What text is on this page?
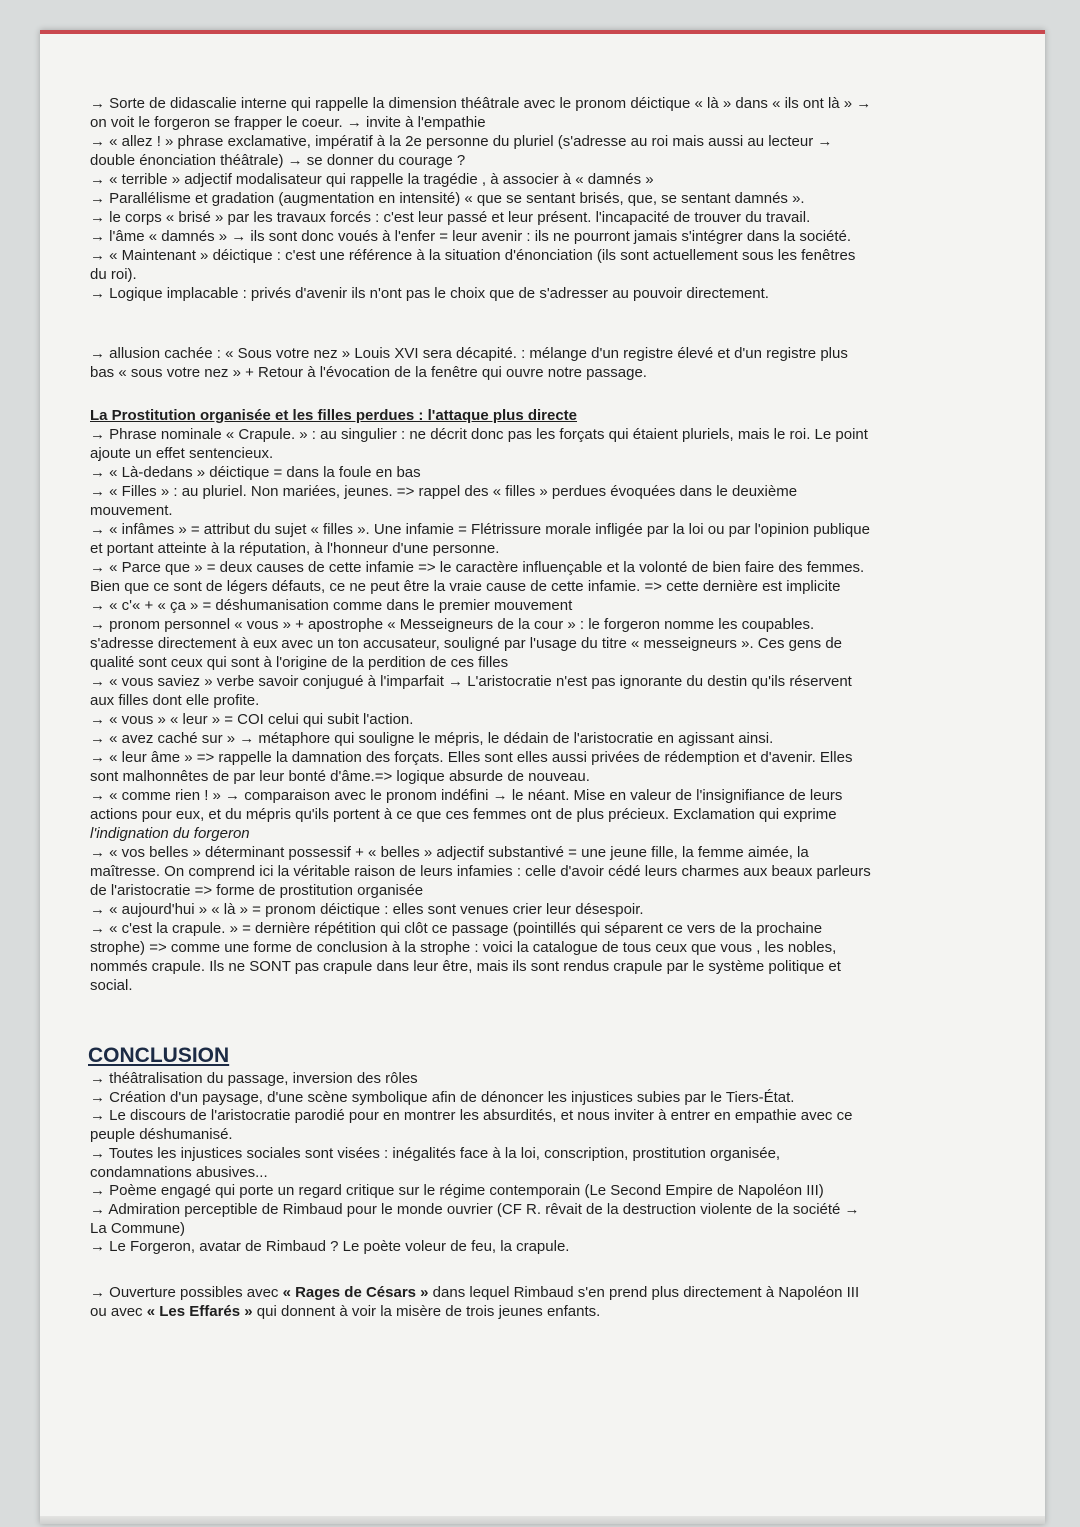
→ Sorte de didascalie interne qui rappelle la dimension théâtrale avec le pronom déictique « là » dans « ils ont là » →
on voit le forgeron se frapper le coeur. → invite à l'empathie
→ « allez ! » phrase exclamative, impératif à la 2e personne du pluriel (s'adresse au roi mais aussi au lecteur →
double énonciation théâtrale) → se donner du courage ?
→ « terrible » adjectif modalisateur qui rappelle la tragédie , à associer à « damnés »
→ Parallélisme et gradation (augmentation en intensité) « que se sentant brisés, que, se sentant damnés ».
→ le corps « brisé » par les travaux forcés : c'est leur passé et leur présent. l'incapacité de trouver du travail.
→ l'âme « damnés » → ils sont donc voués à l'enfer = leur avenir : ils ne pourront jamais s'intégrer dans la société.
→ « Maintenant » déictique : c'est une référence à la situation d'énonciation (ils sont actuellement sous les fenêtres
du roi).
→ Logique implacable : privés d'avenir ils n'ont pas le choix que de s'adresser au pouvoir directement.
→ allusion cachée : « Sous votre nez » Louis XVI sera décapité. : mélange d'un registre élevé et d'un registre plus
bas « sous votre nez » + Retour à l'évocation de la fenêtre qui ouvre notre passage.
La Prostitution organisée et les filles perdues : l'attaque plus directe
→ Phrase nominale « Crapule. » : au singulier : ne décrit donc pas les forçats qui étaient pluriels, mais le roi. Le point
ajoute un effet sentencieux.
→ « Là-dedans » déictique = dans la foule en bas
→ « Filles » : au pluriel. Non mariées, jeunes. => rappel des « filles » perdues évoquées dans le deuxième
mouvement.
→ « infâmes » = attribut du sujet « filles ». Une infamie = Flétrissure morale infligée par la loi ou par l'opinion publique
et portant atteinte à la réputation, à l'honneur d'une personne.
→ « Parce que » = deux causes de cette infamie => le caractère influençable et la volonté de bien faire des femmes.
Bien que ce sont de légers défauts, ce ne peut être la vraie cause de cette infamie. => cette dernière est implicite
→ « c'« + « ça » = déshumanisation comme dans le premier mouvement
→ pronom personnel « vous » + apostrophe « Messeigneurs de la cour » : le forgeron nomme les coupables.
s'adresse directement à eux avec un ton accusateur, souligné par l'usage du titre « messeigneurs ». Ces gens de
qualité sont ceux qui sont à l'origine de la perdition de ces filles
→ « vous saviez » verbe savoir conjugué à l'imparfait → L'aristocratie n'est pas ignorante du destin qu'ils réservent
aux filles dont elle profite.
→ « vous » « leur » = COI celui qui subit l'action.
→ « avez caché sur » → métaphore qui souligne le mépris, le dédain de l'aristocratie en agissant ainsi.
→ « leur âme » => rappelle la damnation des forçats. Elles sont elles aussi privées de rédemption et d'avenir. Elles
sont malhonnêtes de par leur bonté d'âme.=> logique absurde de nouveau.
→ « comme rien ! » → comparaison avec le pronom indéfini → le néant. Mise en valeur de l'insignifiance de leurs
actions pour eux, et du mépris qu'ils portent à ce que ces femmes ont de plus précieux. Exclamation qui exprime
l'indignation du forgeron
→ « vos belles » déterminant possessif + « belles » adjectif substantivé = une jeune fille, la femme aimée, la
maîtresse. On comprend ici la véritable raison de leurs infamies : celle d'avoir cédé leurs charmes aux beaux parleurs
de l'aristocratie => forme de prostitution organisée
→ « aujourd'hui » « là » = pronom déictique : elles sont venues crier leur désespoir.
→ « c'est la crapule. » = dernière répétition qui clôt ce passage (pointillés qui séparent ce vers de la prochaine
strophe) => comme une forme de conclusion à la strophe : voici la catalogue de tous ceux que vous , les nobles,
nommés crapule. Ils ne SONT pas crapule dans leur être, mais ils sont rendus crapule par le système politique et
social.
CONCLUSION
→ théâtralisation du passage, inversion des rôles
→ Création d'un paysage, d'une scène symbolique afin de dénoncer les injustices subies par le Tiers-État.
→ Le discours de l'aristocratie parodié pour en montrer les absurdités, et nous inviter à entrer en empathie avec ce
peuple déshumanisé.
→ Toutes les injustices sociales sont visées : inégalités face à la loi, conscription, prostitution organisée,
condamnations abusives...
→ Poème engagé qui porte un regard critique sur le régime contemporain (Le Second Empire de Napoléon III)
→ Admiration perceptible de Rimbaud pour le monde ouvrier (CF R. rêvait de la destruction violente de la société →
La Commune)
→ Le Forgeron, avatar de Rimbaud ? Le poète voleur de feu, la crapule.
→ Ouverture possibles avec « Rages de Césars » dans lequel Rimbaud s'en prend plus directement à Napoléon III
ou avec « Les Effarés » qui donnent à voir la misère de trois jeunes enfants.
